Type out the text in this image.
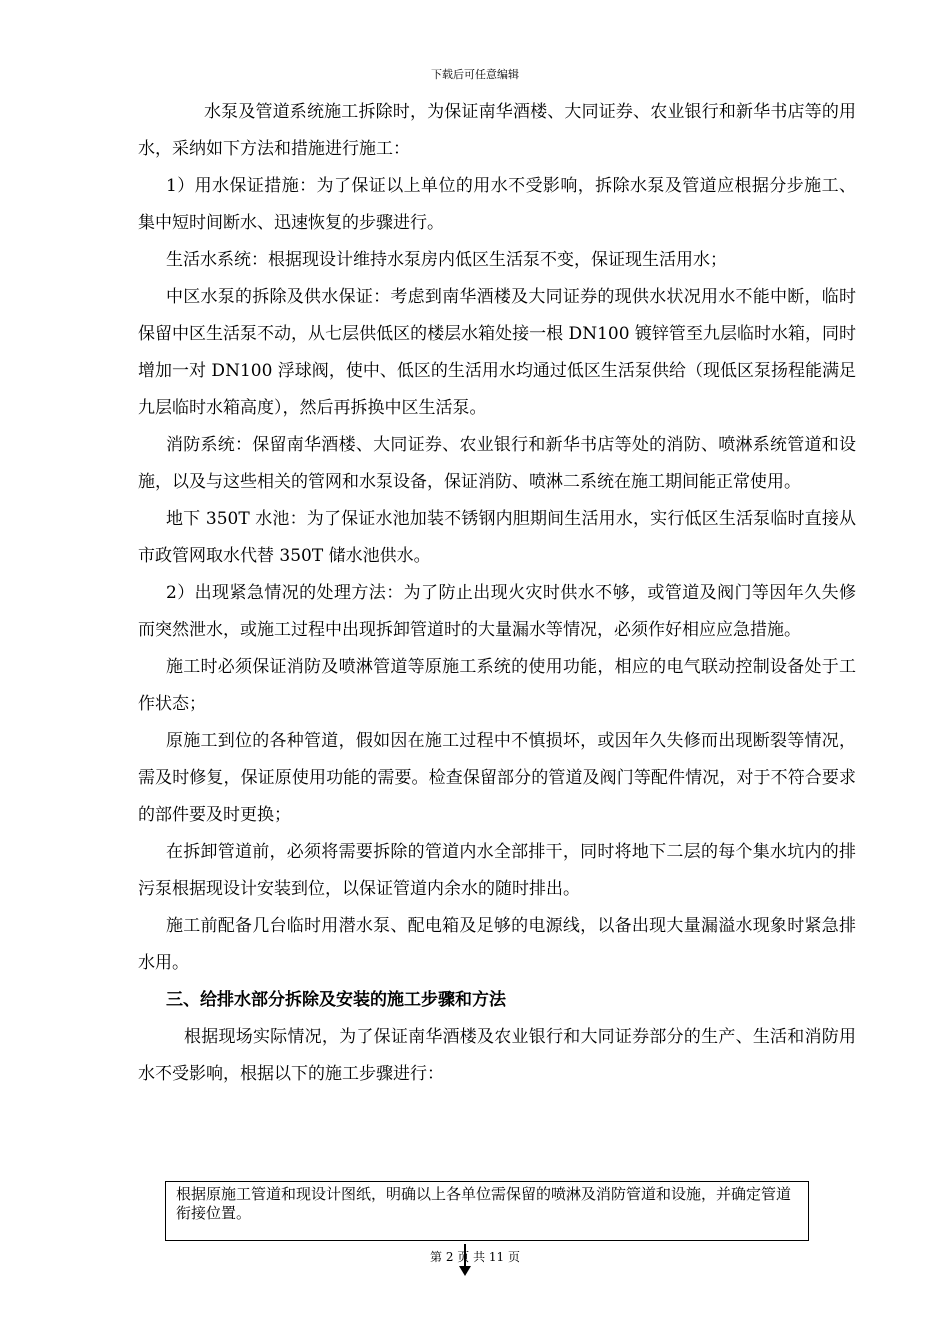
下载后可任意编辑

水泵及管道系统施工拆除时，为保证南华酒楼、大同证券、农业银行和新华书店等的用水，采纳如下方法和措施进行施工：

1）用水保证措施：为了保证以上单位的用水不受影响，拆除水泵及管道应根据分步施工、集中短时间断水、迅速恢复的步骤进行。

生活水系统：根据现设计维持水泵房内低区生活泵不变，保证现生活用水；

中区水泵的拆除及供水保证：考虑到南华酒楼及大同证券的现供水状况用水不能中断，临时保留中区生活泵不动，从七层供低区的楼层水箱处接一根 DN100 镀锌管至九层临时水箱，同时增加一对 DN100 浮球阀，使中、低区的生活用水均通过低区生活泵供给（现低区泵扬程能满足九层临时水箱高度），然后再拆换中区生活泵。

消防系统：保留南华酒楼、大同证券、农业银行和新华书店等处的消防、喷淋系统管道和设施，以及与这些相关的管网和水泵设备，保证消防、喷淋二系统在施工期间能正常使用。

地下 350T 水池：为了保证水池加装不锈钢内胆期间生活用水，实行低区生活泵临时直接从市政管网取水代替 350T 储水池供水。

2）出现紧急情况的处理方法：为了防止出现火灾时供水不够，或管道及阀门等因年久失修而突然泄水，或施工过程中出现拆卸管道时的大量漏水等情况，必须作好相应应急措施。

施工时必须保证消防及喷淋管道等原施工系统的使用功能，相应的电气联动控制设备处于工作状态；

原施工到位的各种管道，假如因在施工过程中不慎损坏，或因年久失修而出现断裂等情况，需及时修复，保证原使用功能的需要。检查保留部分的管道及阀门等配件情况，对于不符合要求的部件要及时更换；

在拆卸管道前，必须将需要拆除的管道内水全部排干，同时将地下二层的每个集水坑内的排污泵根据现设计安装到位，以保证管道内余水的随时排出。

施工前配备几台临时用潜水泵、配电箱及足够的电源线，以备出现大量漏溢水现象时紧急排水用。

三、给排水部分拆除及安装的施工步骤和方法

根据现场实际情况，为了保证南华酒楼及农业银行和大同证券部分的生产、生活和消防用水不受影响，根据以下的施工步骤进行：

根据原施工管道和现设计图纸，明确以上各单位需保留的喷淋及消防管道和设施，并确定管道衔接位置。
第 2 页 共 11 页
